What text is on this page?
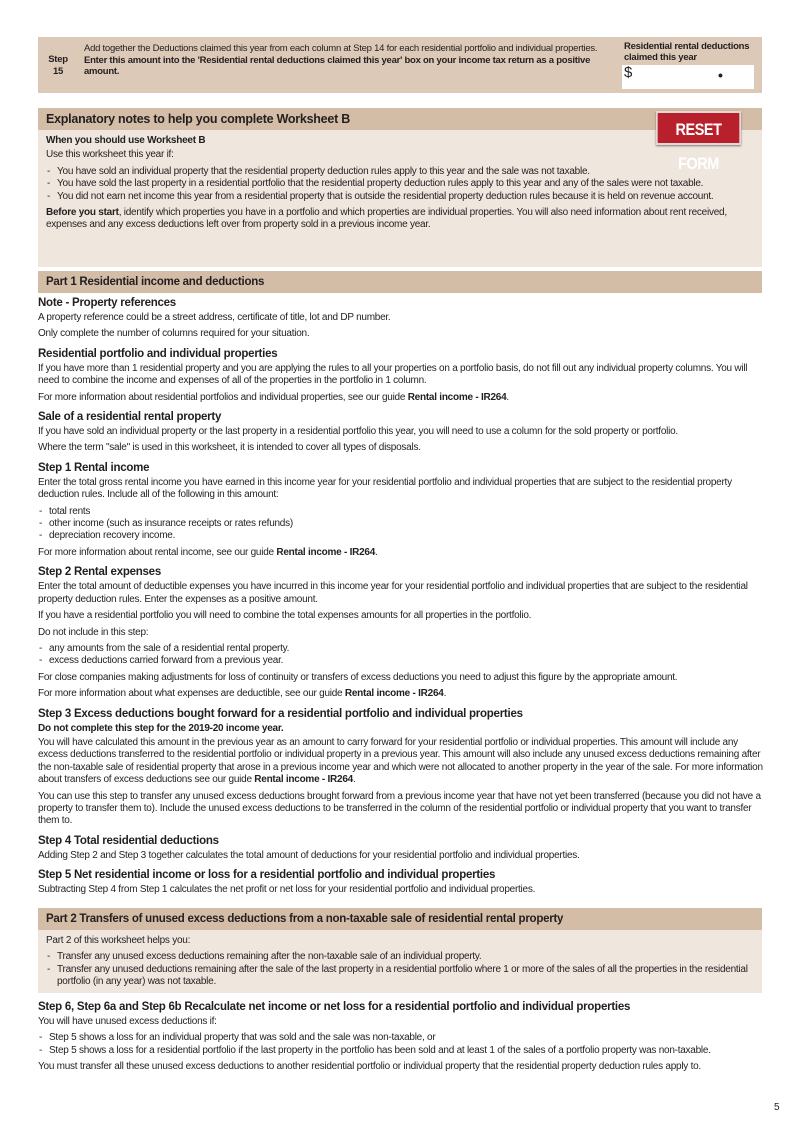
Step 15
Add together the Deductions claimed this year from each column at Step 14 for each residential portfolio and individual properties.
Enter this amount into the 'Residential rental deductions claimed this year' box on your income tax return as a positive amount.
Residential rental deductions claimed this year
$	•
Explanatory notes to help you complete Worksheet B
RESET FORM
When you should use Worksheet B

Use this worksheet this year if:

- You have sold an individual property that the residential property deduction rules apply to this year and the sale was not taxable.
- You have sold the last property in a residential portfolio that the residential property deduction rules apply to this year and any of the sales were not taxable.
- You did not earn net income this year from a residential property that is outside the residential property deduction rules because it is held on revenue account.

Before you start, identify which properties you have in a portfolio and which properties are individual properties. You will also need information about rent received, expenses and any excess deductions left over from property sold in a previous income year.

Part 1 Residential income and deductions
Note - Property references

A property reference could be a street address, certificate of title, lot and DP number.

Only complete the number of columns required for your situation.

Residential portfolio and individual properties

If you have more than 1 residential property and you are applying the rules to all your properties on a portfolio basis, do not fill out any individual property columns. You will need to combine the income and expenses of all of the properties in the portfolio in 1 column.

For more information about residential portfolios and individual properties, see our guide Rental income - IR264.

Sale of a residential rental property

If you have sold an individual property or the last property in a residential portfolio this year, you will need to use a column for the sold property or portfolio.

Where the term "sale" is used in this worksheet, it is intended to cover all types of disposals.

Step 1 Rental income

Enter the total gross rental income you have earned in this income year for your residential portfolio and individual properties that are subject to the residential property deduction rules. Include all of the following in this amount:

- total rents
- other income (such as insurance receipts or rates refunds)
- depreciation recovery income.

For more information about rental income, see our guide Rental income - IR264.

Step 2 Rental expenses

Enter the total amount of deductible expenses you have incurred in this income year for your residential portfolio and individual properties that are subject to the residential property deduction rules. Enter the expenses as a positive amount.

If you have a residential portfolio you will need to combine the total expenses amounts for all properties in the portfolio.

Do not include in this step:

- any amounts from the sale of a residential rental property.
- excess deductions carried forward from a previous year.

For close companies making adjustments for loss of continuity or transfers of excess deductions you need to adjust this figure by the appropriate amount.

For more information about what expenses are deductible, see our guide Rental income - IR264.

Step 3 Excess deductions bought forward for a residential portfolio and individual properties
Do not complete this step for the 2019-20 income year.

You will have calculated this amount in the previous year as an amount to carry forward for your residential portfolio or individual properties. This amount will include any excess deductions transferred to the residential portfolio or individual property in a previous year. This amount will also include any unused excess deductions remaining after the non-taxable sale of residential property that arose in a previous income year and which were not allocated to another property in the year of the sale. For more information about transfers of excess deductions see our guide Rental income - IR264.

You can use this step to transfer any unused excess deductions brought forward from a previous income year that have not yet been transferred (because you did not have a property to transfer them to). Include the unused excess deductions to be transferred in the column of the residential portfolio or individual property that you want to transfer them to.

Step 4 Total residential deductions

Adding Step 2 and Step 3 together calculates the total amount of deductions for your residential portfolio and individual properties.

Step 5 Net residential income or loss for a residential portfolio and individual properties

Subtracting Step 4 from Step 1 calculates the net profit or net loss for your residential portfolio and individual properties.

Part 2 Transfers of unused excess deductions from a non-taxable sale of residential rental property

Part 2 of this worksheet helps you:

- Transfer any unused excess deductions remaining after the non-taxable sale of an individual property.
- Transfer any unused deductions remaining after the sale of the last property in a residential portfolio where 1 or more of the sales of all the properties in the residential portfolio (in any year) was not taxable.
Step 6, Step 6a and Step 6b Recalculate net income or net loss for a residential portfolio and individual properties

You will have unused excess deductions if:

- Step 5 shows a loss for an individual property that was sold and the sale was non-taxable, or
- Step 5 shows a loss for a residential portfolio if the last property in the portfolio has been sold and at least 1 of the sales of a portfolio property was non-taxable.

You must transfer all these unused excess deductions to another residential portfolio or individual property that the residential property deduction rules apply to.

5
